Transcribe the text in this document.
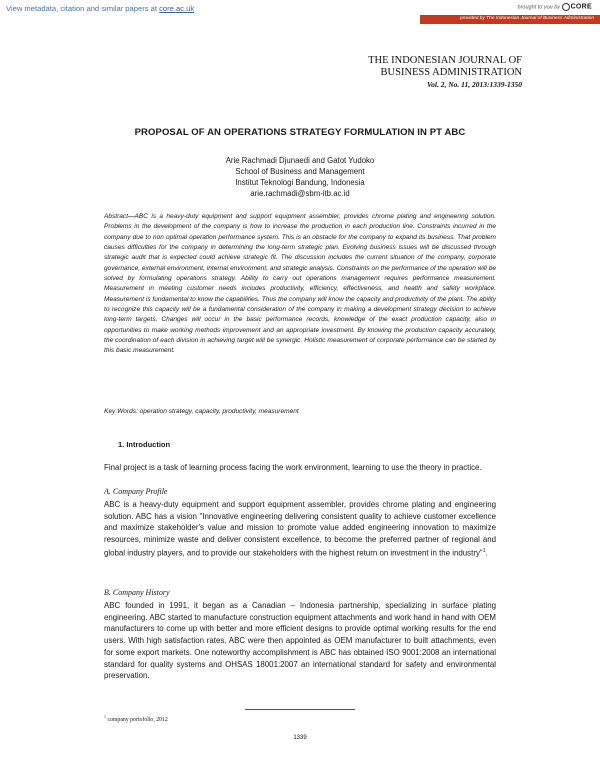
View metadata, citation and similar papers at core.ac.uk	brought to you by CORE
provided by The Indonesian Journal of Business Administration
THE INDONESIAN JOURNAL OF
BUSINESS ADMINISTRATION
Vol. 2, No. 11, 2013:1339-1350
PROPOSAL OF AN OPERATIONS STRATEGY FORMULATION IN PT ABC
Arie Rachmadi Djunaedi and Gatot Yudoko
School of Business and Management
Institut Teknologi Bandung, Indonesia
arie.rachmadi@sbm-itb.ac.id
Abstract—ABC is a heavy-duty equipment and support equipment assembler, provides chrome plating and engineering solution. Problems in the development of the company is how to increase the production in each production line. Constraints incurred in the company due to non optimal operation performance system. This is an obstacle for the company to expand its business. That problem causes difficulties for the company in determining the long-term strategic plan. Evolving business issues will be discussed through strategic audit that is expected could achieve strategic fit. The discussion includes the current situation of the company, corporate governance, external environment, internal environment, and strategic analysis. Constraints on the performance of the operation will be solved by formulating operations strategy. Ability to carry out operations management requires performance measurement. Measurement in meeting customer needs includes productivity, efficiency, effectiveness, and health and safety workplace. Measurement is fundamental to know the capabilities. Thus the company will know the capacity and productivity of the plant. The ability to recognize this capacity will be a fundamental consideration of the company in making a development strategy decision to achieve long-term targets. Changes will occur in the basic performance records, knowledge of the exact production capacity, also in opportunities to make working methods improvement and an appropriate investment. By knowing the production capacity accurately, the coordination of each division in achieving target will be synergic. Holistic measurement of corporate performance can be started by this basic measurement.
Key Words: operation strategy, capacity, productivity, measurement
1. Introduction
Final project is a task of learning process facing the work environment, learning to use the theory in practice.
A. Company Profile
ABC is a heavy-duty equipment and support equipment assembler, provides chrome plating and engineering solution. ABC has a vision "Innovative engineering delivering consistent quality to achieve customer excellence and maximize stakeholder's value and mission to promote value added engineering innovation to maximize resources, minimize waste and deliver consistent excellence, to become the preferred partner of regional and global industry players, and to provide our stakeholders with the highest return on investment in the industry"$^1$.
B. Company History
ABC founded in 1991, it began as a Canadian – Indonesia partnership, specializing in surface plating engineering. ABC started to manufacture construction equipment attachments and work hand in hand with OEM manufacturers to come up with better and more efficient designs to provide optimal working results for the end users. With high satisfaction rates, ABC were then appointed as OEM manufacturer to built attachments, even for some export markets. One noteworthy accomplishment is ABC has obtained ISO 9001:2008 an international standard for quality systems and OHSAS 18001:2007 an international standard for safety and environmental preservation.
$^1$ company portofolio, 2012
1339
